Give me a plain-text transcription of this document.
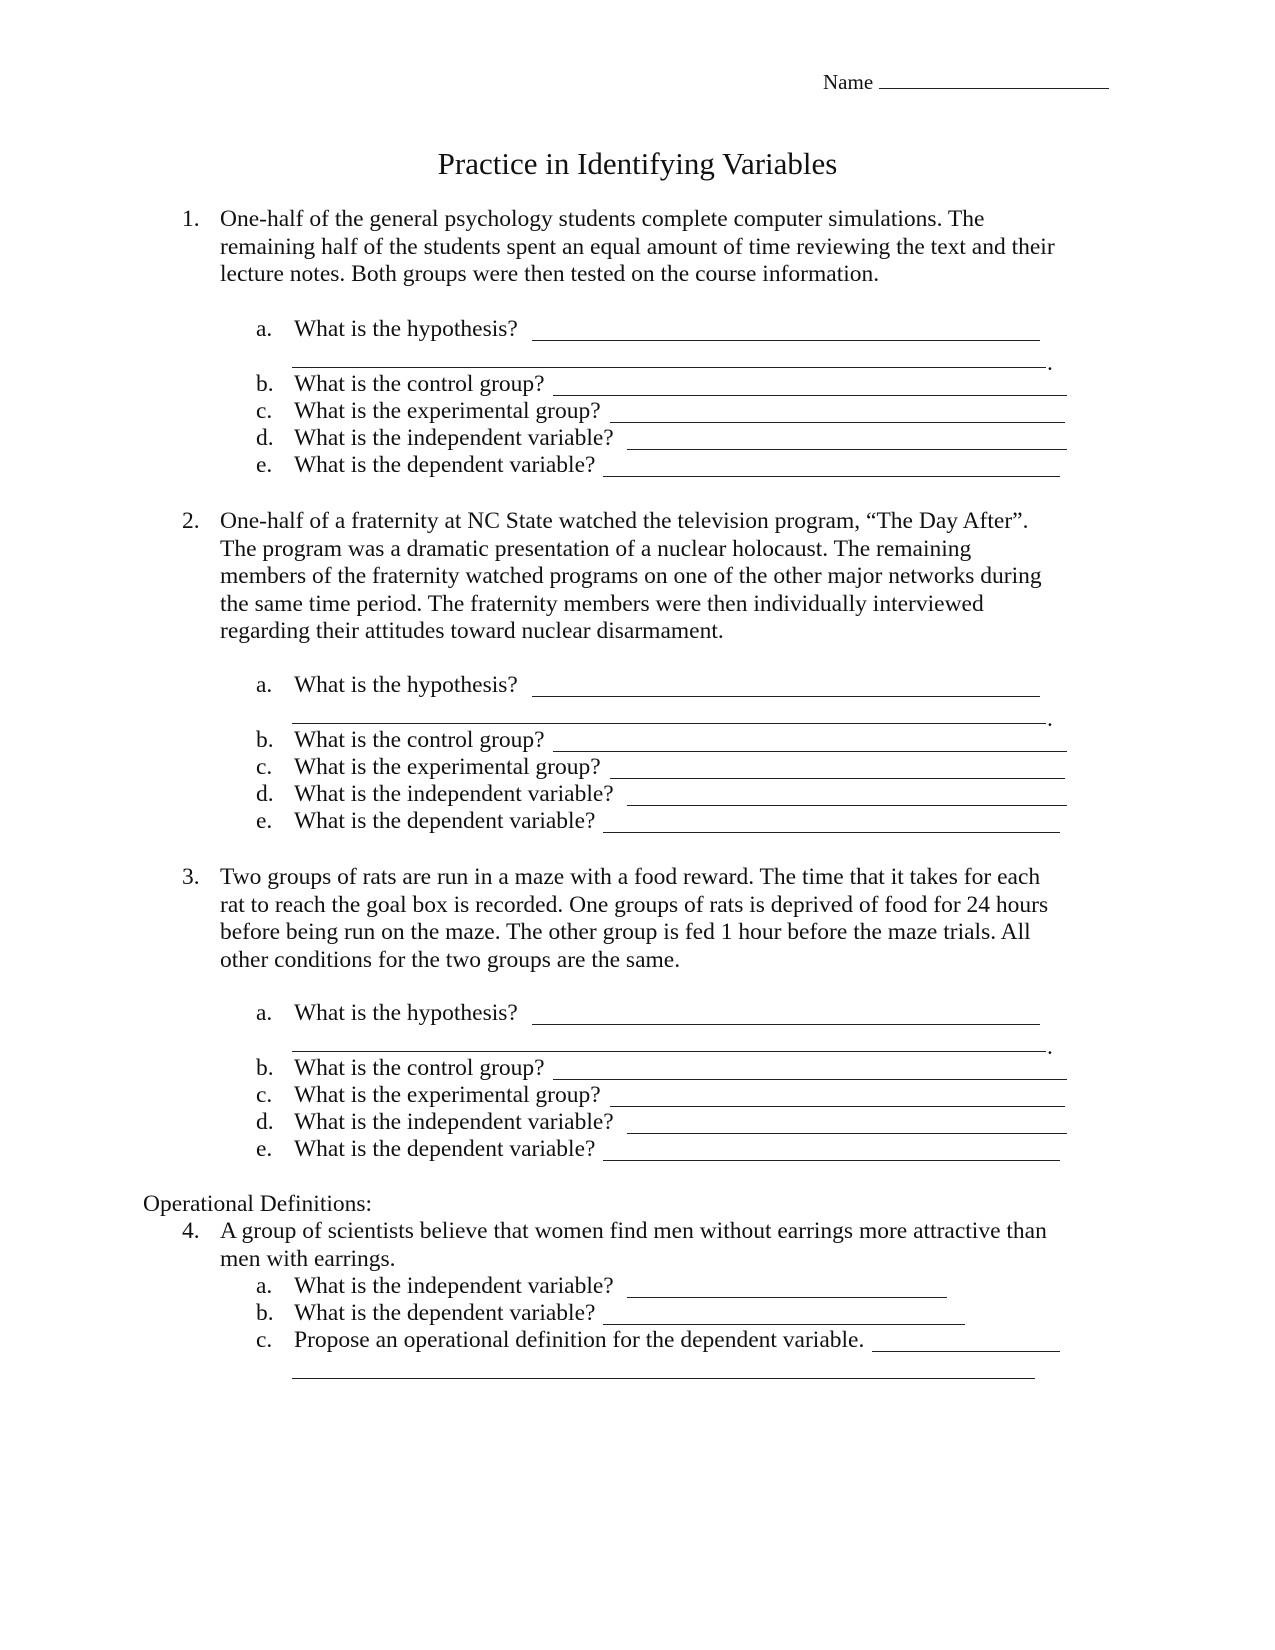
Name
Practice in Identifying Variables
1. One-half of the general psychology students complete computer simulations. The
remaining half of the students spent an equal amount of time reviewing the text and their
lecture notes. Both groups were then tested on the course information.
a. What is the hypothesis?
.
b. What is the control group?
c. What is the experimental group?
d. What is the independent variable?
e. What is the dependent variable?
2. One-half of a fraternity at NC State watched the television program, “The Day After”.
The program was a dramatic presentation of a nuclear holocaust. The remaining
members of the fraternity watched programs on one of the other major networks during
the same time period. The fraternity members were then individually interviewed
regarding their attitudes toward nuclear disarmament.
a. What is the hypothesis?
.
b. What is the control group?
c. What is the experimental group?
d. What is the independent variable?
e. What is the dependent variable?
3. Two groups of rats are run in a maze with a food reward. The time that it takes for each
rat to reach the goal box is recorded. One groups of rats is deprived of food for 24 hours
before being run on the maze. The other group is fed 1 hour before the maze trials. All
other conditions for the two groups are the same.
a. What is the hypothesis?
.
b. What is the control group?
c. What is the experimental group?
d. What is the independent variable?
e. What is the dependent variable?
Operational Definitions:
4. A group of scientists believe that women find men without earrings more attractive than
men with earrings.
a. What is the independent variable?
b. What is the dependent variable?
c. Propose an operational definition for the dependent variable.
